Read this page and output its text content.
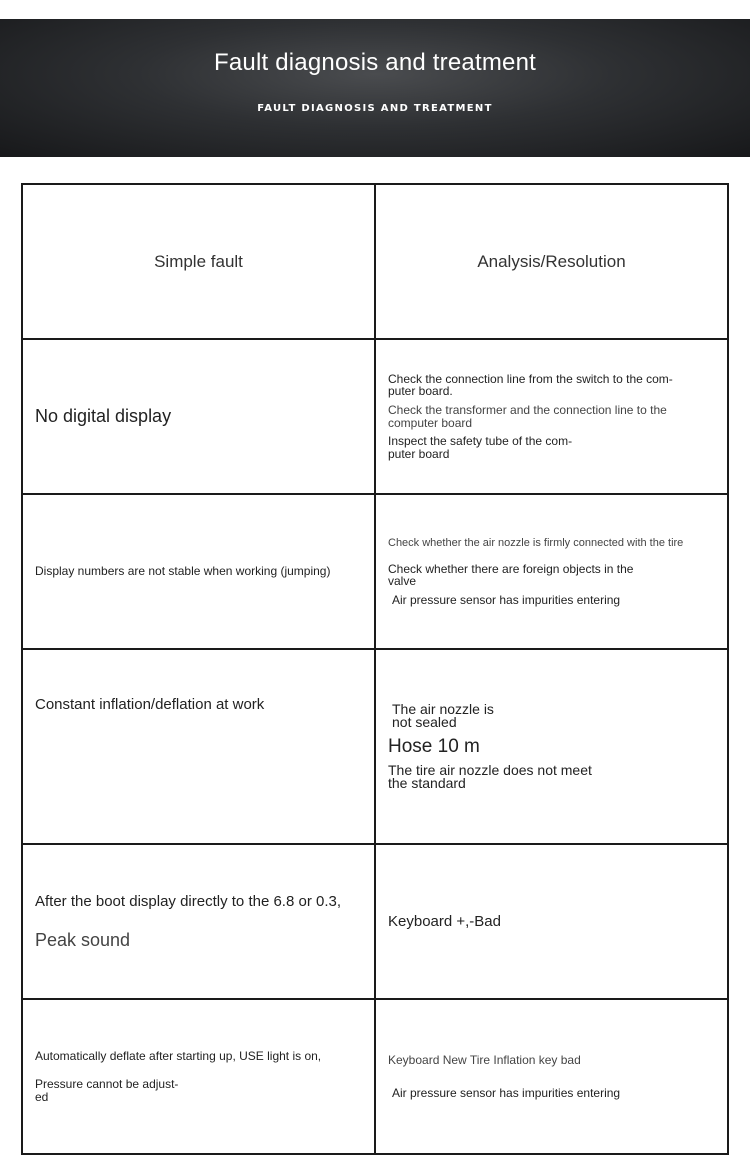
Fault diagnosis and treatment
FAULT DIAGNOSIS AND TREATMENT
Simple fault	Analysis/Resolution

No digital display	Check the connection line from the switch to the com-
puter board.
Check the transformer and the connection line to the computer board
Inspect the safety tube of the com-
puter board

Display numbers are not stable when working (jumping)	Check whether the air nozzle is firmly connected with the tire
Check whether there are foreign objects in the
valve
Air pressure sensor has impurities entering

Constant inflation/deflation at work	The air nozzle is
not sealed
Hose 10 m
The tire air nozzle does not meet
the standard

After the boot display directly to the 6.8 or 0.3,
Peak sound	Keyboard +,-Bad

Automatically deflate after starting up, USE light is on,
Pressure cannot be adjust-
ed	Keyboard New Tire Inflation key bad
Air pressure sensor has impurities entering
